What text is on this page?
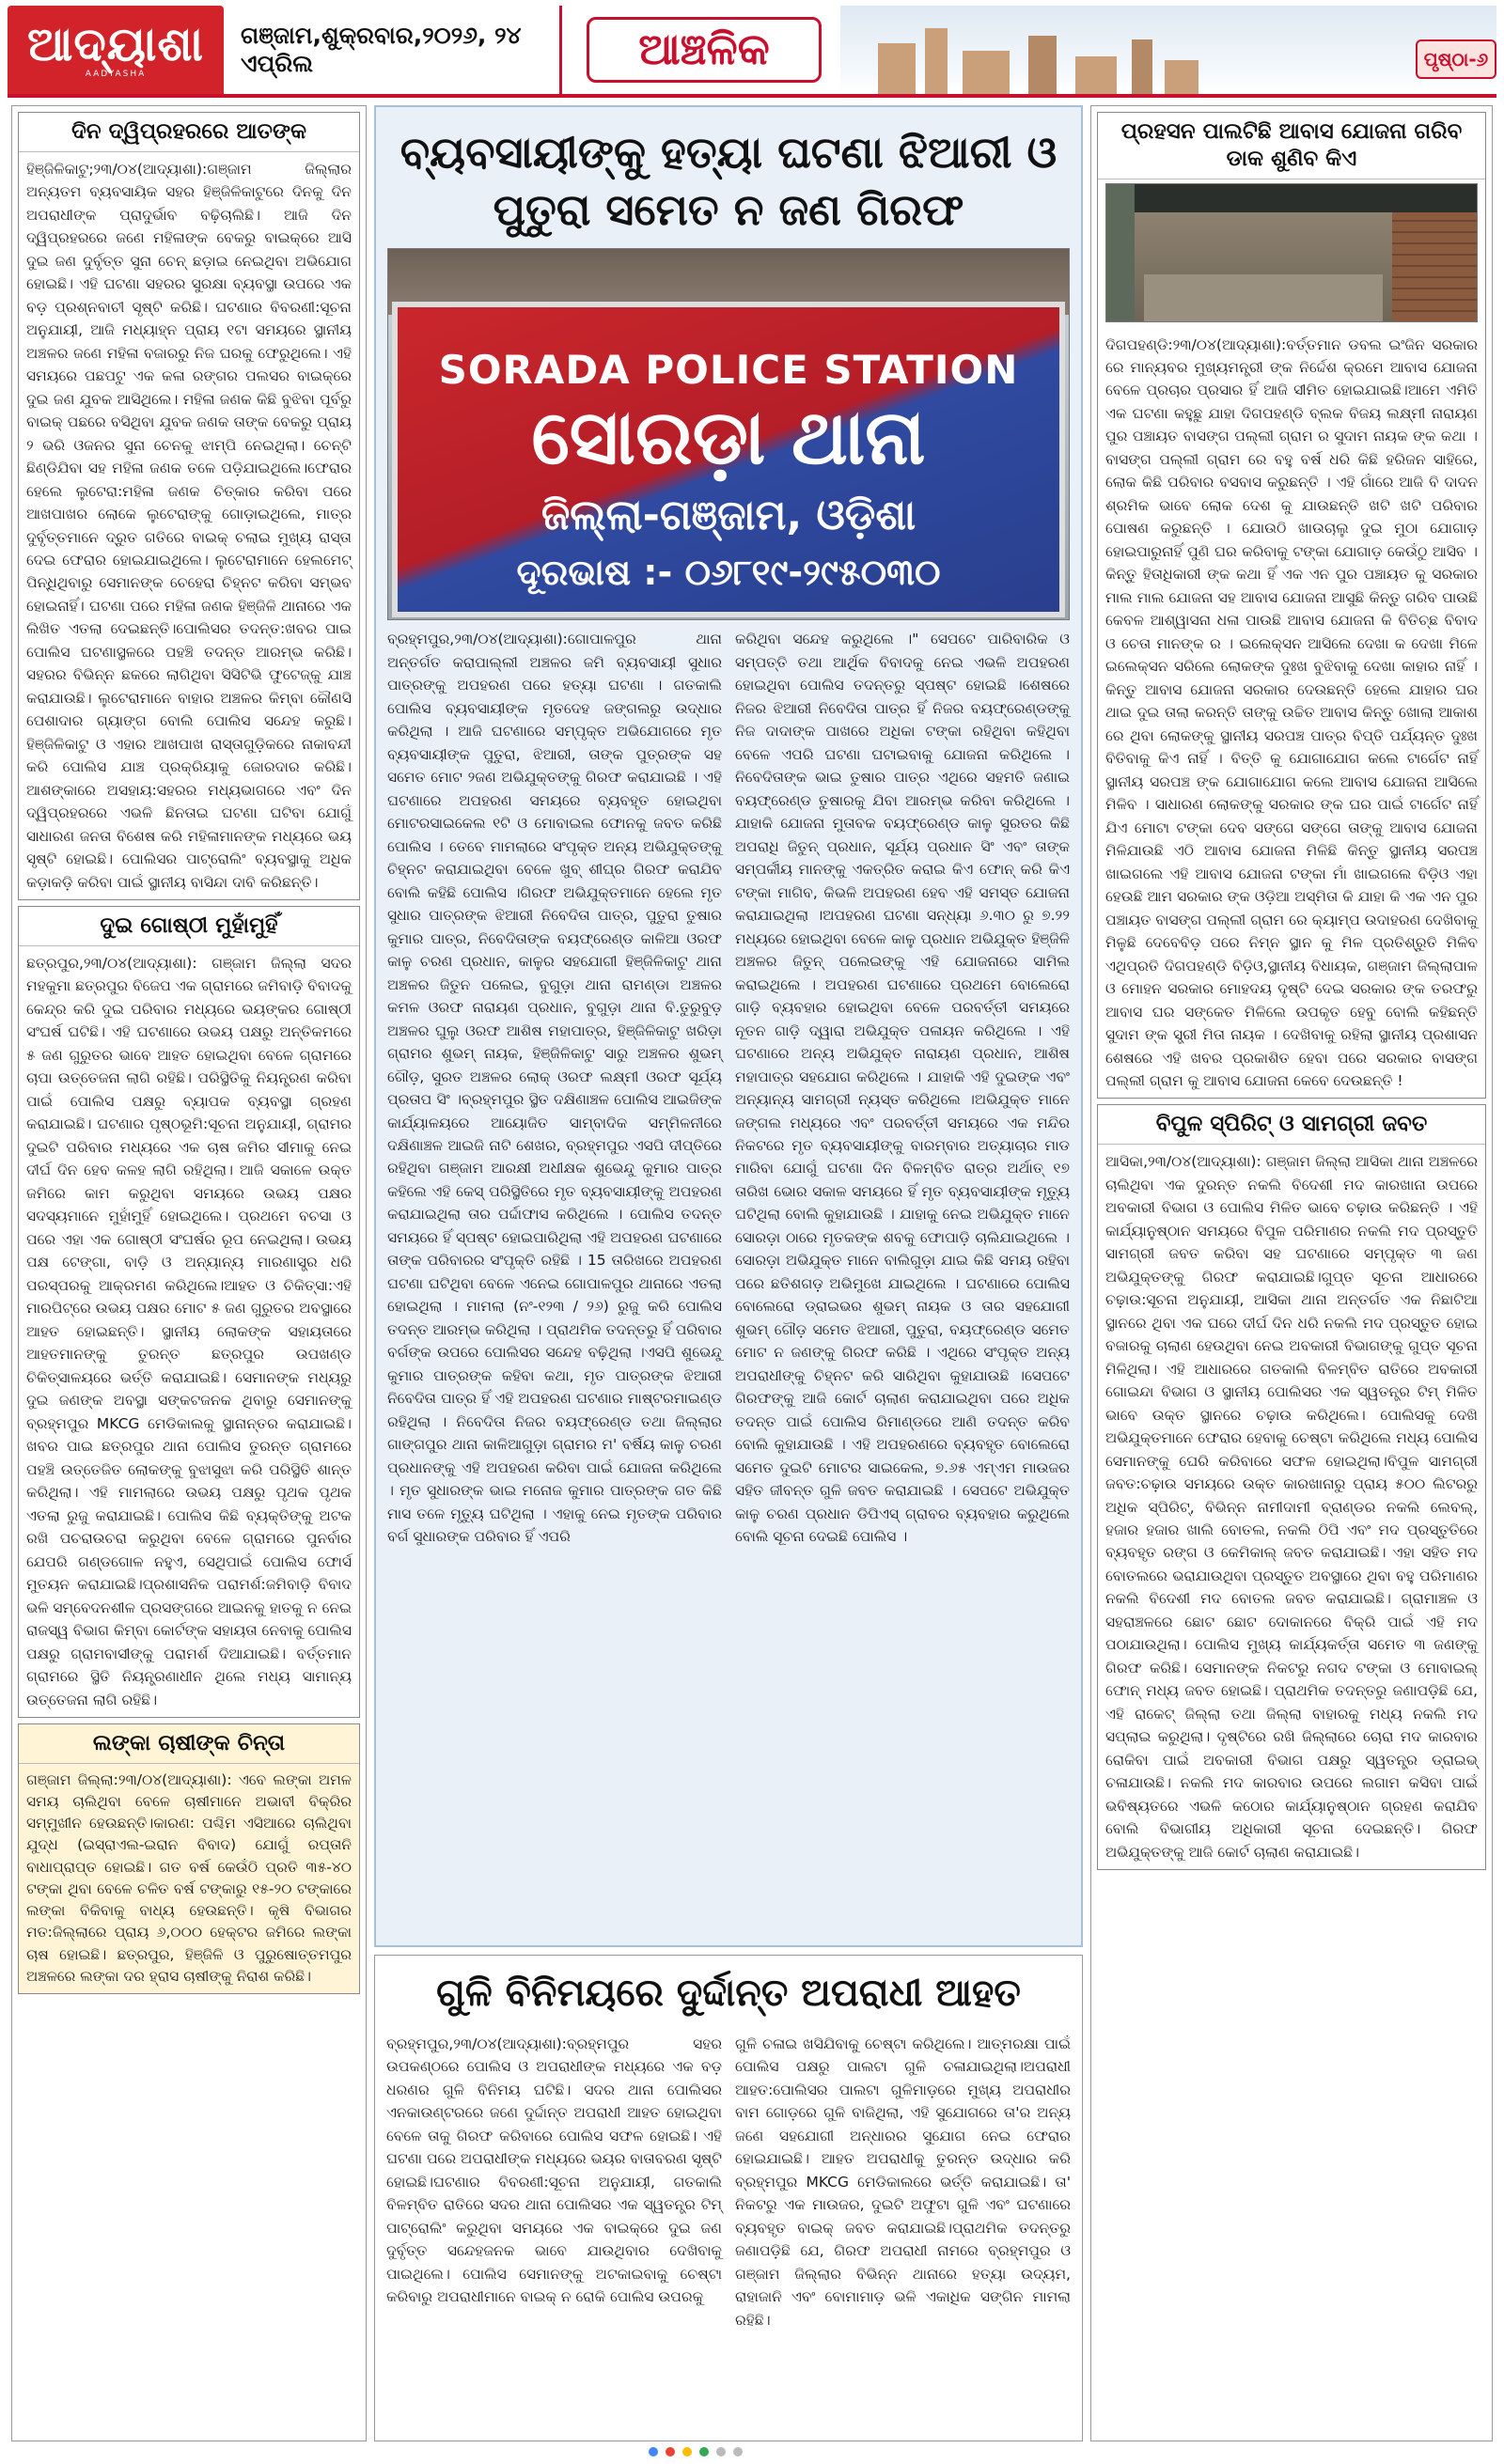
ଆଦ୍ୟାଶା
AADYASHA
ଗଞ୍ଜାମ,ଶୁକ୍ରବାର,୨୦୨୬, ୨୪ ଏପ୍ରିଲ	ଆଞ୍ଚଳିକ	ପୃଷ୍ଠା-୬
ଦିନ ଦ୍ୱିପ୍ରହରରେ ଆତଙ୍କ
ହିଞ୍ଜିଳିକାଟୁ;୨୩/୦୪(ଆଦ୍ୟାଶା):ଗଞ୍ଜାମ ଜିଲ୍ଲାର ଅନ୍ୟତମ ବ୍ୟବସାୟିକ ସହର ହିଞ୍ଜିଳିକାଟୁରେ ଦିନକୁ ଦିନ ଅପରାଧୀଙ୍କ ପ୍ରାଦୁର୍ଭାବ ବଢ଼ିଚାଲିଛି। ଆଜି ଦିନ ଦ୍ୱିପ୍ରହରରେ ଜଣେ ମହିଳାଙ୍କ ବେକରୁ ବାଇକ୍‌ରେ ଆସି ଦୁଇ ଜଣ ଦୁର୍ବୃତ୍ତ ସୁନା ଚେନ୍ ଛଡ଼ାଇ ନେଇଥିବା ଅଭିଯୋଗ ହୋଇଛି। ଏହି ଘଟଣା ସହରର ସୁରକ୍ଷା ବ୍ୟବସ୍ଥା ଉପରେ ଏକ ବଡ଼ ପ୍ରଶ୍ନବାଚୀ ସୃଷ୍ଟି କରିଛି। ଘଟଣାର ବିବରଣୀ:ସୂଚନା ଅନୁଯାୟୀ, ଆଜି ମଧ୍ୟାହ୍ନ ପ୍ରାୟ ୧ଟା ସମୟରେ ସ୍ଥାନୀୟ ଅଞ୍ଚଳର ଜଣେ ମହିଳା ବଜାରରୁ ନିଜ ଘରକୁ ଫେରୁଥିଲେ। ଏହି ସମୟରେ ପଛପଟୁ ଏକ କଳା ରଙ୍ଗର ପଲସର ବାଇକ୍‌ରେ ଦୁଇ ଜଣ ଯୁବକ ଆସିଥିଲେ। ମହିଳା ଜଣକ କିଛି ବୁଝିବା ପୂର୍ବରୁ ବାଇକ୍ ପଛରେ ବସିଥିବା ଯୁବକ ଜଣକ ତାଙ୍କ ବେକରୁ ପ୍ରାୟ ୨ ଭରି ଓଜନର ସୁନା ଚେନକୁ ଝାମ୍ପି ନେଇଥିଲା। ଚେନ୍‌ଟି ଛିଣ୍ଡିଯିବା ସହ ମହିଳା ଜଣକ ତଳେ ପଡ଼ିଯାଇଥିଲେ।ଫେରାର ହେଲେ ଲୁଟେରା:ମହିଳା ଜଣକ ଚିତ୍କାର କରିବା ପରେ ଆଖପାଖର ଲୋକେ ଲୁଟେରାଙ୍କୁ ଗୋଡ଼ାଇଥିଲେ, ମାତ୍ର ଦୁର୍ବୃତ୍ତମାନେ ଦ୍ରୁତ ଗତିରେ ବାଇକ୍ ଚଲାଇ ମୁଖ୍ୟ ରାସ୍ତା ଦେଇ ଫେରାର ହୋଇଯାଇଥିଲେ। ଲୁଟେରାମାନେ ହେଲମେଟ୍ ପିନ୍ଧିଥିବାରୁ ସେମାନଙ୍କ ଚେହେରା ଚିହ୍ନଟ କରିବା ସମ୍ଭବ ହୋଇନାହିଁ। ଘଟଣା ପରେ ମହିଳା ଜଣକ ହିଞ୍ଜିଳି ଥାନାରେ ଏକ ଲିଖିତ ଏତଲା ଦେଇଛନ୍ତି।ପୋଲିସର ତଦନ୍ତ:ଖବର ପାଇ ପୋଲିସ ଘଟଣାସ୍ଥଳରେ ପହଞ୍ଚି ତଦନ୍ତ ଆରମ୍ଭ କରିଛି। ସହରର ବିଭିନ୍ନ ଛକରେ ଲାଗିଥିବା ସିସିଟିଭି ଫୁଟେଜ୍‌କୁ ଯାଞ୍ଚ କରାଯାଉଛି। ଲୁଟେରାମାନେ ବାହାର ଅଞ୍ଚଳର କିମ୍ବା କୌଣସି ପେଶାଦାର ଗ୍ୟାଙ୍ଗ ବୋଲି ପୋଲିସ ସନ୍ଦେହ କରୁଛି। ହିଞ୍ଜିଳିକାଟୁ ଓ ଏହାର ଆଖପାଖ ରାସ୍ତାଗୁଡ଼ିକରେ ନାକାବନ୍ଦୀ କରି ପୋଲିସ ଯାଞ୍ଚ ପ୍ରକ୍ରିୟାକୁ ଜୋରଦାର କରିଛି।ଆଶଙ୍କାରେ ଅସହାୟ:ସହରର ମଧ୍ୟଭାଗରେ ଏବଂ ଦିନ ଦ୍ୱିପ୍ରହରରେ ଏଭଳି ଛିନତାଇ ଘଟଣା ଘଟିବା ଯୋଗୁଁ ସାଧାରଣ ଜନତା ବିଶେଷ କରି ମହିଳାମାନଙ୍କ ମଧ୍ୟରେ ଭୟ ସୃଷ୍ଟି ହୋଇଛି। ପୋଲିସର ପାଟ୍ରୋଲିଂ ବ୍ୟବସ୍ଥାକୁ ଅଧିକ କଡ଼ାକଡ଼ି କରିବା ପାଇଁ ସ୍ଥାନୀୟ ବାସିନ୍ଦା ଦାବି କରିଛନ୍ତି।
ଦୁଇ ଗୋଷ୍ଠୀ ମୁହାଁମୁହିଁ
ଛତ୍ରପୁର,୨୩/୦୪(ଆଦ୍ୟାଶା): ଗଞ୍ଜାମ ଜିଲ୍ଲା ସଦର ମହକୁମା ଛତ୍ରପୁର ବିଜେପ ଏକ ଗ୍ରାମରେ ଜମିବାଡ଼ି ବିବାଦକୁ କେନ୍ଦ୍ର କରି ଦୁଇ ପରିବାର ମଧ୍ୟରେ ଭୟଙ୍କର ଗୋଷ୍ଠୀ ସଂଘର୍ଷ ଘଟିଛି। ଏହି ଘଟଣାରେ ଉଭୟ ପକ୍ଷରୁ ଅନ୍ତିକମରେ ୫ ଜଣ ଗୁରୁତର ଭାବେ ଆହତ ହୋଇଥିବା ବେଳେ ଗ୍ରାମରେ ଚାପା ଉତ୍ତେଜନା ଲାଗି ରହିଛି। ପରିସ୍ଥିତିକୁ ନିୟନ୍ତ୍ରଣ କରିବା ପାଇଁ ପୋଲିସ ପକ୍ଷରୁ ବ୍ୟାପକ ବ୍ୟବସ୍ଥା ଗ୍ରହଣ କରାଯାଇଛି। ଘଟଣାର ପୃଷ୍ଠଭୂମି:ସୂଚନା ଅନୁଯାୟୀ, ଗ୍ରାମର ଦୁଇଟି ପରିବାର ମଧ୍ୟରେ ଏକ ଚାଷ ଜମିର ସୀମାକୁ ନେଇ ଦୀର୍ଘ ଦିନ ହେବ କଳହ ଲାଗି ରହିଥିଲା। ଆଜି ସକାଳେ ଉକ୍ତ ଜମିରେ କାମ କରୁଥିବା ସମୟରେ ଉଭୟ ପକ୍ଷର ସଦସ୍ୟମାନେ ମୁହାଁମୁହିଁ ହୋଇଥିଲେ। ପ୍ରଥମେ ବଚସା ଓ ପରେ ଏହା ଏକ ଗୋଷ୍ଠୀ ସଂଘର୍ଷର ରୂପ ନେଇଥିଲା। ଉଭୟ ପକ୍ଷ ଟେଙ୍ଗା, ବାଡ଼ି ଓ ଅନ୍ୟାନ୍ୟ ମାରଣାସ୍ତ୍ର ଧରି ପରସ୍ପରକୁ ଆକ୍ରମଣ କରିଥିଲେ।ଆହତ ଓ ଚିକିତ୍ସା:ଏହି ମାରପିଟ୍‌ରେ ଉଭୟ ପକ୍ଷର ମୋଟ ୫ ଜଣ ଗୁରୁତର ଅବସ୍ଥାରେ ଆହତ ହୋଇଛନ୍ତି। ସ୍ଥାନୀୟ ଲୋକଙ୍କ ସହାୟତାରେ ଆହତମାନଙ୍କୁ ତୁରନ୍ତ ଛତ୍ରପୁର ଉପଖଣ୍ଡ ଚିକିତ୍ସାଳୟରେ ଭର୍ତ୍ତି କରାଯାଇଛି। ସେମାନଙ୍କ ମଧ୍ୟରୁ ଦୁଇ ଜଣଙ୍କ ଅବସ୍ଥା ସଙ୍କଟଜନକ ଥିବାରୁ ସେମାନଙ୍କୁ ବ୍ରହ୍ମପୁର MKCG ମେଡିକାଲକୁ ସ୍ଥାନାନ୍ତର କରାଯାଇଛି।ଖବର ପାଇ ଛତ୍ରପୁର ଥାନା ପୋଲିସ ତୁରନ୍ତ ଗ୍ରାମରେ ପହଞ୍ଚି ଉତ୍ତେଜିତ ଲୋକଙ୍କୁ ବୁଝାସୁଝା କରି ପରିସ୍ଥିତି ଶାନ୍ତ କରିଥିଲା। ଏହି ମାମଲାରେ ଉଭୟ ପକ୍ଷରୁ ପୃଥକ ପୃଥକ ଏତଲା ରୁଜୁ କରାଯାଇଛି। ପୋଲିସ କିଛି ବ୍ୟକ୍ତିଙ୍କୁ ଅଟକ ରଖି ପଚରାଉଚରା କରୁଥିବା ବେଳେ ଗ୍ରାମରେ ପୁନର୍ବାର ଯେପରି ଗଣ୍ଡଗୋଳ ନହୁଏ, ସେଥିପାଇଁ ପୋଲିସ ଫୋର୍ସ ମୁତୟନ କରାଯାଇଛି।ପ୍ରଶାସନିକ ପରାମର୍ଶ:ଜମିବାଡ଼ି ବିବାଦ ଭଳି ସମ୍ବେଦନଶୀଳ ପ୍ରସଙ୍ଗରେ ଆଇନକୁ ହାତକୁ ନ ନେଇ ରାଜସ୍ୱ ବିଭାଗ କିମ୍ବା କୋର୍ଟଙ୍କ ସହାୟତା ନେବାକୁ ପୋଲିସ ପକ୍ଷରୁ ଗ୍ରାମବାସୀଙ୍କୁ ପରାମର୍ଶ ଦିଆଯାଇଛି। ବର୍ତ୍ତମାନ ଗ୍ରାମରେ ସ୍ଥିତି ନିୟନ୍ତ୍ରଣାଧୀନ ଥିଲେ ମଧ୍ୟ ସାମାନ୍ୟ ଉତ୍ତେଜନା ଲାଗି ରହିଛି।
ଲଙ୍କା ଚାଷୀଙ୍କ ଚିନ୍ତା
ଗଞ୍ଜାମ ଜିଲ୍ଲା:୨୩/୦୪(ଆଦ୍ୟାଶା): ଏବେ ଲଙ୍କା ଅମଳ ସମୟ ଚାଲିଥିବା ବେଳେ ଚାଷୀମାନେ ଅଭାବୀ ବିକ୍ରିର ସମ୍ମୁଖୀନ ହେଉଛନ୍ତି।କାରଣ: ପଶ୍ଚିମ ଏସିଆରେ ଚାଲିଥିବା ଯୁଦ୍ଧ (ଇସ୍ରାଏଲ-ଇରାନ ବିବାଦ) ଯୋଗୁଁ ରପ୍ତାନି ବାଧାପ୍ରାପ୍ତ ହୋଇଛି। ଗତ ବର୍ଷ କେଉଁଠି ପ୍ରତି ୩୫-୪୦ ଟଙ୍କା ଥିବା ବେଳେ ଚଳିତ ବର୍ଷ ଟଙ୍କାରୁ ୧୫-୨୦ ଟଙ୍କାରେ ଲଙ୍କା ବିକିବାକୁ ବାଧ୍ୟ ହେଉଛନ୍ତି। କୃଷି ବିଭାଗର ମତ:ଜିଲ୍ଲାରେ ପ୍ରାୟ ୬,୦୦୦ ହେକ୍ଟର ଜମିରେ ଲଙ୍କା ଚାଷ ହୋଇଛି। ଛତ୍ରପୁର, ହିଞ୍ଜିଳି ଓ ପୁରୁଷୋତ୍ତମପୁର ଅଞ୍ଚଳରେ ଲଙ୍କା ଦର ହ୍ରାସ ଚାଷୀଙ୍କୁ ନିରାଶ କରିଛି।
ବ୍ୟବସାୟୀଙ୍କୁ ହତ୍ୟା ଘଟଣା ଝିଆରୀ ଓ ପୁତୁରା ସମେତ ନ ଜଣ ଗିରଫ
SORADA POLICE STATION
ସୋରଡ଼ା ଥାନା
ଜିଲ୍ଲା-ଗଞ୍ଜାମ, ଓଡ଼ିଶା
ଦୂରଭାଷ :- ୦୬୮୧୯-୨୯୫୦୩୦
ବ୍ରହ୍ମପୁର,୨୩/୦୪(ଆଦ୍ୟାଶା):ଗୋପାଳପୁର ଥାନା ଅନ୍ତର୍ଗତ କରାପାଲ୍ଲୀ ଅଞ୍ଚଳର ଜମି ବ୍ୟବସାୟୀ ସୁଧାର ପାତ୍ରଙ୍କୁ ଅପହରଣ ପରେ ହତ୍ୟା ଘଟଣା । ଗତକାଲି ପୋଲିସ ବ୍ୟବସାୟୀଙ୍କ ମୃତଦେହ ଜଙ୍ଗଲରୁ ଉଦ୍ଧାର କରିଥିଲା । ଆଜି ଘଟଣାରେ ସମ୍ପୃକ୍ତ ଅଭିଯୋଗରେ ମୃତ ବ୍ୟବସାୟୀଙ୍କ ପୁତୁରା, ଝିଆରୀ, ତାଙ୍କ ପୁତ୍ରଙ୍କ ସହ ସମେତ ମୋଟ ୨ଜଣ ଅଭିଯୁକ୍ତଙ୍କୁ ଗିରଫ କରାଯାଇଛି । ଏହି ଘଟଣାରେ ଅପହରଣ ସମୟରେ ବ୍ୟବହୃତ ହୋଇଥିବା ମୋଟରସାଇକେଲ ୧ଟି ଓ ମୋବାଇଲ ଫୋନକୁ ଜବତ କରିଛି ପୋଲିସ । ତେବେ ମାମଲାରେ ସଂପୃକ୍ତ ଅନ୍ୟ ଅଭିଯୁକ୍ତଙ୍କୁ ଚିହ୍ନଟ କରାଯାଇଥିବା ବେଳେ ଖୁବ୍ ଶୀଘ୍ର ଗିରଫ କରାଯିବ ବୋଲି କହିଛି ପୋଲିସ ।ଗିରଫ ଅଭିଯୁକ୍ତମାନେ ହେଲେ ମୃତ ସୁଧାର ପାତ୍ରଙ୍କ ଝିଆରୀ ନିବେଦିତା ପାତ୍ର, ପୁତୁରା ତୁଷାର କୁମାର ପାତ୍ର, ନିବେଦିତାଙ୍କ ବୟଫ୍ରେଣ୍ଡ କାଳିଆ ଓରଫ କାଳୁ ଚରଣ ପ୍ରଧାନ, କାଳୁର ସହଯୋଗୀ ହିଞ୍ଜିଳିକାଟୁ ଥାନା ଅଞ୍ଚଳର ଜିତୁନ ପଲେଇ, ବୁଗୁଡ଼ା ଥାନା ରାମଣ୍ଡା ଅଞ୍ଚଳର କମଳ ଓରଫ ନାରାୟଣ ପ୍ରଧାନ, ବୁଗୁଡ଼ା ଥାନା ବି.ତୁରୁବୁଡ଼ ଅଞ୍ଚଳର ଘୁଲୁ ଓରଫ ଆଶିଷ ମହାପାତ୍ର, ହିଞ୍ଜିଳିକାଟୁ ଖରିଡ଼ା ଗ୍ରାମର ଶୁଭମ୍ ନାୟକ, ହିଞ୍ଜିଳିକାଟୁ ସାରୁ ଅଞ୍ଚଳର ଶୁଭମ୍ ଗୌଡ଼, ସୁରତ ଅଞ୍ଚଳର ଲୋକ୍ ଓରଫ ଲକ୍ଷ୍ମୀ ଓରଫ ସୂର୍ଯ୍ୟ ପ୍ରତାପ ସିଂ ।ବ୍ରହ୍ମପୁର ସ୍ଥିତ ଦକ୍ଷିଣାଞ୍ଚଳ ପୋଲିସ ଆଇଜିଙ୍କ କାର୍ଯ୍ୟାଳୟରେ ଆୟୋଜିତ ସାମ୍ବାଦିକ ସମ୍ମିଳନୀରେ ଦକ୍ଷିଣାଞ୍ଚଳ ଆଇଜି ନାଟି ଶେଖର, ବ୍ରହ୍ମପୁର ଏସପି ଦୀପ୍ତିରେ ରହିଥିବା ଗଞ୍ଜାମ ଆରକ୍ଷୀ ଅଧୀକ୍ଷକ ଶୁଭେନ୍ଦୁ କୁମାର ପାତ୍ର କହିଲେ ଏହି କେସ୍ ପରିସ୍ଥିତିରେ ମୃତ ବ୍ୟବସାୟୀଙ୍କୁ ଅପହରଣ କରାଯାଇଥିଲା ତାର ପର୍ଦ୍ଦାଫାସ କରିଥିଲେ । ପୋଲିସ ତଦନ୍ତ ସମୟରେ ହିଁ ସ୍ପଷ୍ଟ ହୋଇପାରିଥିଲା ଏହି ଅପହରଣ ଘଟଣାରେ ତାଙ୍କ ପରିବାରର ସଂପୃକ୍ତି ରହିଛି । 15 ତାରିଖରେ ଅପହରଣ ଘଟଣା ଘଟିଥିବା ବେଳେ ଏନେଇ ଗୋପାଳପୁର ଥାନାରେ ଏତଲା ହୋଇଥିଲା । ମାମଲା (ନଂ-୧୨୩ / ୨୬) ରୁଜୁ କରି ପୋଲିସ ତଦନ୍ତ ଆରମ୍ଭ କରିଥିଲା । ପ୍ରାଥମିକ ତଦନ୍ତରୁ ହିଁ ପରିବାର ବର୍ଗଙ୍କ ଉପରେ ପୋଲିସର ସନ୍ଦେହ ବଢ଼ିଥିଲା ।ଏସପି ଶୁଭେନ୍ଦୁ କୁମାର ପାତ୍ରଙ୍କ କହିବା କଥା, ମୃତ ପାତ୍ରଙ୍କ ଝିଆରୀ ନିବେଦିତା ପାତ୍ର ହିଁ ଏହି ଅପହରଣ ଘଟଣାର ମାଷ୍ଟରମାଇଣ୍ଡ ରହିଥିଲା । ନିବେଦିତା ନିଜର ବୟଫ୍ରେଣ୍ଡ ତଥା ଜିଲ୍ଲାର ଗାଙ୍ଗପୁର ଥାନା କାଳିଆଗୁଡ଼ା ଗ୍ରାମର ମ' ବର୍ଷିୟ କାଳୁ ଚରଣ ପ୍ରଧାନଙ୍କୁ ଏହି ଅପହରଣ କରିବା ପାଇଁ ଯୋଜନା କରିଥିଲେ । ମୃତ ସୁଧାରଙ୍କ ଭାଇ ମନୋଜ କୁମାର ପାତ୍ରଙ୍କ ଗତ କିଛି ମାସ ତଳେ ମୃତ୍ୟୁ ଘଟିଥିଲା । ଏହାକୁ ନେଇ ମୃତଙ୍କ ପରିବାର ବର୍ଗ ସୁଧାରଙ୍କ ପରିବାର ହିଁ ଏପରି
କରିଥିବା ସନ୍ଦେହ କରୁଥିଲେ ।" ସେପଟେ ପାରିବାରିକ ଓ ସମ୍ପତ୍ତି ତଥା ଆର୍ଥିକ ବିବାଦକୁ ନେଇ ଏଭଳି ଅପହରଣ ହୋଇଥିବା ପୋଲିସ ତଦନ୍ତରୁ ସ୍ପଷ୍ଟ ହୋଇଛି ।ଶେଷରେ ନିଜର ଝିଆରୀ ନିବେଦିତା ପାତ୍ର ହିଁ ନିଜର ବୟଫ୍ରେଣ୍ଡଙ୍କୁ ନିଜ ଦାଦାଙ୍କ ପାଖରେ ଅଧିକା ଟଙ୍କା ରହିଥିବା କହିଥିବା ବେଳେ ଏପରି ଘଟଣା ଘଟାଇବାକୁ ଯୋଜନା କରିଥିଲେ । ନିବେଦିତାଙ୍କ ଭାଇ ତୁଷାର ପାତ୍ର ଏଥିରେ ସହମତି ଜଣାଇ ବୟଫ୍ରେଣ୍ଡ ତୁଷାରକୁ ଯିବା ଆରମ୍ଭ କରିବା କରିଥିଲେ । ଯାହାକି ଯୋଜନା ମୁତାବକ ବୟଫ୍ରେଣ୍ଡ କାଳୁ ସୁରତର କିଛି ଅପରାଧି ଜିତୁନ୍ ପ୍ରଧାନ, ସୂର୍ଯ୍ୟ ପ୍ରଧାନ ସିଂ ଏବଂ ତାଙ୍କ ସମ୍ପର୍କୀୟ ମାନଙ୍କୁ ଏକତ୍ରିତ କରାଇ କିଏ ଫୋନ୍ କରି କିଏ ଟଙ୍କା ମାଗିବ, କିଭଳି ଅପହରଣ ହେବ ଏହି ସମସ୍ତ ଯୋଜନା କରାଯାଇଥିଲା ।ଅପହରଣ ଘଟଣା ସନ୍ଧ୍ୟା ୬.୩୦ ରୁ ୭.୨୨ ମଧ୍ୟରେ ହୋଇଥିବା ବେଳେ କାଳୁ ପ୍ରଧାନ ଅଭିଯୁକ୍ତ ହିଞ୍ଜିଳି ଅଞ୍ଚଳର ଜିତୁନ୍ ପଲେଇଙ୍କୁ ଏହି ଯୋଜନାରେ ସାମିଲ କରାଇଥିଲେ । ଅପହରଣ ଘଟଣାରେ ପ୍ରଥମେ ବୋଲେରୋ ଗାଡ଼ି ବ୍ୟବହାର ହୋଇଥିବା ବେଳେ ପରବର୍ତ୍ତୀ ସମୟରେ ନୂତନ ଗାଡ଼ି ଦ୍ୱାରା ଅଭିଯୁକ୍ତ ପଳାୟନ କରିଥିଲେ । ଏହି ଘଟଣାରେ ଅନ୍ୟ ଅଭିଯୁକ୍ତ ନାରାୟଣ ପ୍ରଧାନ, ଆଶିଷ ମହାପାତ୍ର ସହଯୋଗ କରିଥିଲେ । ଯାହାକି ଏହି ଦୁଇଙ୍କ ଏବଂ ଅନ୍ୟାନ୍ୟ ସାମଗ୍ରୀ ନ୍ୟସ୍ତ କରିଥିଲେ ।ଅଭିଯୁକ୍ତ ମାନେ ଜଙ୍ଗଲ ମଧ୍ୟରେ ଏବଂ ପରବର୍ତ୍ତୀ ସମୟରେ ଏକ ମନ୍ଦିର ନିକଟରେ ମୃତ ବ୍ୟବସାୟୀଙ୍କୁ ବାରମ୍ବାର ଅତ୍ୟାଚାର ମାଡ ମାରିବା ଯୋଗୁଁ ଘଟଣା ଦିନ ବିଳମ୍ବିତ ରାତ୍ର ଅର୍ଥାତ୍ ୧୭ ତାରିଖ ଭୋର ସକାଳ ସମୟରେ ହିଁ ମୃତ ବ୍ୟବସାୟୀଙ୍କ ମୃତ୍ୟୁ ଘଟିଥିଲା ବୋଲି କୁହାଯାଉଛି । ଯାହାକୁ ନେଇ ଅଭିଯୁକ୍ତ ମାନେ ସୋରଡ଼ା ଠାରେ ମୃତକଙ୍କ ଶବକୁ ଫୋପାଡ଼ି ଚାଲିଯାଇଥିଲେ । ସୋରଡ଼ା ଅଭିଯୁକ୍ତ ମାନେ ବାଲିଗୁଡ଼ା ଯାଇ କିଛି ସମୟ ରହିବା ପରେ ଛତିଶଗଡ଼ ଅଭିମୁଖେ ଯାଇଥିଲେ । ଘଟଣାରେ ପୋଲିସ ବୋଲେରୋ ଡ୍ରାଇଭର ଶୁଭମ୍ ନାୟକ ଓ ତାର ସହଯୋଗୀ ଶୁଭମ୍ ଗୌଡ଼ ସମେତ ଝିଆରୀ, ପୁତୁରା, ବୟଫ୍ରେଣ୍ଡ ସମେତ ମୋଟ ନ ଜଣଙ୍କୁ ଗିରଫ କରିଛି । ଏଥିରେ ସଂପୃକ୍ତ ଅନ୍ୟ ଅପରାଧୀଙ୍କୁ ଚିହ୍ନଟ କରି ସାରିଥିବା କୁହାଯାଉଛି ।ସେପଟେ ଗିରଫଙ୍କୁ ଆଜି କୋର୍ଟ ଚାଲାଣ କରାଯାଇଥିବା ପରେ ଅଧିକ ତଦନ୍ତ ପାଇଁ ପୋଲିସ ରିମାଣ୍ଡରେ ଆଣି ତଦନ୍ତ କରିବ ବୋଲି କୁହାଯାଉଛି । ଏହି ଅପହରଣରେ ବ୍ୟବହୃତ ବୋଲେରୋ ସମେତ ଦୁଇଟି ମୋଟର ସାଇକେଲ, ୭.୬୫ ଏମ୍‌ଏମ ମାଉଜର ସହିତ ଜୀବନ୍ତ ଗୁଳି ଜବତ କରାଯାଇଛି । ସେପଟେ ଅଭିଯୁକ୍ତ କାଳୁ ଚରଣ ପ୍ରଧାନ ଡିପିଏସ୍ ଗ୍ରାବର ବ୍ୟବହାର କରୁଥିଲେ ବୋଲି ସୂଚନା ଦେଇଛି ପୋଲିସ ।
ଗୁଳି ବିନିମୟରେ ଦୁର୍ଦ୍ଦାନ୍ତ ଅପରାଧୀ ଆହତ
ବ୍ରହ୍ମପୁର,୨୩/୦୪(ଆଦ୍ୟାଶା):ବ୍ରହ୍ମପୁର ସହର ଉପକଣ୍ଠରେ ପୋଲିସ ଓ ଅପରାଧୀଙ୍କ ମଧ୍ୟରେ ଏକ ବଡ଼ ଧରଣର ଗୁଳି ବିନିମୟ ଘଟିଛି। ସଦର ଥାନା ପୋଲିସର ଏନକାଉଣ୍ଟରରେ ଜଣେ ଦୁର୍ଦ୍ଦାନ୍ତ ଅପରାଧୀ ଆହତ ହୋଇଥିବା ବେଳେ ତାକୁ ଗିରଫ କରିବାରେ ପୋଲିସ ସଫଳ ହୋଇଛି। ଏହି ଘଟଣା ପରେ ଅପରାଧୀଙ୍କ ମଧ୍ୟରେ ଭୟର ବାତାବରଣ ସୃଷ୍ଟି ହୋଇଛି।ଘଟଣାର ବିବରଣୀ:ସୂଚନା ଅନୁଯାୟୀ, ଗତକାଲି ବିଳମ୍ବିତ ରାତିରେ ସଦର ଥାନା ପୋଲିସର ଏକ ସ୍ୱତନ୍ତ୍ର ଟିମ୍ ପାଟ୍ରୋଲିଂ କରୁଥିବା ସମୟରେ ଏକ ବାଇକ୍‌ରେ ଦୁଇ ଜଣ ଦୁର୍ବୃତ୍ତ ସନ୍ଦେହଜନକ ଭାବେ ଯାଉଥିବାର ଦେଖିବାକୁ ପାଇଥିଲେ। ପୋଲିସ ସେମାନଙ୍କୁ ଅଟକାଇବାକୁ ଚେଷ୍ଟା କରିବାରୁ ଅପରାଧୀମାନେ ବାଇକ୍ ନ ରୋକି ପୋଲିସ ଉପରକୁ
ଗୁଳି ଚଳାଇ ଖସିଯିବାକୁ ଚେଷ୍ଟା କରିଥିଲେ। ଆତ୍ମରକ୍ଷା ପାଇଁ ପୋଲିସ ପକ୍ଷରୁ ପାଲଟା ଗୁଳି ଚଳାଯାଇଥିଲା।ଅପରାଧୀ ଆହତ:ପୋଲିସର ପାଲଟା ଗୁଳିମାଡ଼ରେ ମୁଖ୍ୟ ଅପରାଧୀର ବାମ ଗୋଡ଼ରେ ଗୁଳି ବାଜିଥିଲା, ଏହି ସୁଯୋଗରେ ତା'ର ଅନ୍ୟ ଜଣେ ସହଯୋଗୀ ଅନ୍ଧାରର ସୁଯୋଗ ନେଇ ଫେରାର ହୋଇଯାଇଛି। ଆହତ ଅପରାଧୀକୁ ତୁରନ୍ତ ଉଦ୍ଧାର କରି ବ୍ରହ୍ମପୁର MKCG ମେଡିକାଲରେ ଭର୍ତ୍ତି କରାଯାଇଛି। ତା' ନିକଟରୁ ଏକ ମାଉଜର, ଦୁଇଟି ଅଫୁଟା ଗୁଳି ଏବଂ ଘଟଣାରେ ବ୍ୟବହୃତ ବାଇକ୍ ଜବତ କରାଯାଇଛି।ପ୍ରାଥମିକ ତଦନ୍ତରୁ ଜଣାପଡ଼ିଛି ଯେ, ଗିରଫ ଅପରାଧୀ ନାମରେ ବ୍ରହ୍ମପୁର ଓ ଗଞ୍ଜାମ ଜିଲ୍ଲାର ବିଭିନ୍ନ ଥାନାରେ ହତ୍ୟା ଉଦ୍ୟମ, ରାହାଜାନି ଏବଂ ବୋମାମାଡ଼ ଭଳି ଏକାଧିକ ସଙ୍ଗିନ ମାମଲା ରହିଛି।
ପ୍ରହସନ ପାଲଟିଛି ଆବାସ ଯୋଜନା ଗରିବ ଡାକ ଶୁଣିବ କିଏ
ଦିଗପହଣ୍ଡି:୨୩/୦୪(ଆଦ୍ୟାଶା):ବର୍ତ୍ତମାନ ଡବଲ ଇଂଜିନ ସରକାର ରେ ମାନ୍ୟବର ମୁଖ୍ୟମନ୍ତ୍ରୀ ଙ୍କ ନିର୍ଦ୍ଦେଶ କ୍ରମେ ଆବାସ ଯୋଜନା ବେଳେ ପ୍ରଚାର ପ୍ରସାର ହିଁ ଆଜି ସୀମିତ ହୋଇଯାଇଛି।ଆମେ ଏମିତି ଏକ ଘଟଣା କହୁଛୁ ଯାହା ଦିଗପହଣ୍ଡି ବ୍ଲକ ବିଜୟ ଲକ୍ଷ୍ମୀ ନାରାୟଣ ପୁର ପଞ୍ଚାୟତ ବାସଙ୍ଗ ପଲ୍ଲୀ ଗ୍ରାମ ର ସୁଦାମ ନାୟକ ଙ୍କ କଥା । ବାସଙ୍ଗ ପଲ୍ଲୀ ଗ୍ରାମ ରେ ବହୁ ବର୍ଷ ଧରି କିଛି ହରିଜନ ସାହିରେ, ଲୋକ କିଛି ପରିବାର ବସବାସ କରୁଛନ୍ତି । ଏହି ଗାଁରେ ଆଜି ବି ଦାଦନ ଶ୍ରମିକ ଭାବେ ଲୋକ ଦେଶ କୁ ଯାଉଛନ୍ତି ଖଟି ଖଟି ପରିବାର ପୋଷଣ କରୁଛନ୍ତି । ଯୋଉଠି ଖାଉଚାଲୁ ଦୁଇ ମୁଠା ଯୋଗାଡ଼ ହୋଇପାରୁନାହିଁ ପୁଣି ଘର କରିବାକୁ ଟଙ୍କା ଯୋଗାଡ଼ କେଉଁଠୁ ଆସିବ । କିନ୍ତୁ ହିତାଧିକାରୀ ଙ୍କ କଥା ହିଁ ଏକ ଏନ ପୁର ପଞ୍ଚାୟତ କୁ ସରକାର ମାଲ ମାଲ ଯୋଜନା ସହ ଆବାସ ଯୋଜନା ଆସୁଛି କିନ୍ତୁ ଗରିବ ପାଉଛି କେବଳ ଆଶ୍ୱାସନା ଧଳା ପାଉଛି ଆବାସ ଯୋଜନା କି ବିତିଚ୍ଛ ବିବାଦ ଓ ଚେତା ମାନଙ୍କ ର । ଇଲେକ୍ସନ ଆସିଲେ ଦେଖା କ ଦେଖା ମିଳେ ଇଲେକ୍ସନ ସରିଲେ ଲୋକଙ୍କ ଦୁଃଖ ବୁଝିବାକୁ ଦେଖା କାହାର ନାହିଁ । କିନ୍ତୁ ଆବାସ ଯୋଜନା ସରକାର ଦେଉଛନ୍ତି ହେଲେ ଯାହାର ଘର ଥାଇ ଦୁଇ ତାଲା କରନ୍ତି ତାଙ୍କୁ ଉଚ୍ଚିତ ଆବାସ କିନ୍ତୁ ଖୋଲା ଆକାଶ ରେ ଥିବା ଲୋକଙ୍କୁ ସ୍ଥାନୀୟ ସରପଞ୍ଚ ପାତ୍ର ବିପ୍ତି ପର୍ଯ୍ୟନ୍ତ ଦୁଃଖ ବିତିବାକୁ କିଏ ନାହିଁ । ବିତ୍ତି କୁ ଯୋଗାଯୋଗ କଲେ ଟାର୍ଗେଟ ନାହିଁ ସ୍ଥାନୀୟ ସରପଞ୍ଚ ଙ୍କ ଯୋଗାଯୋଗ କଲେ ଆବାସ ଯୋଜନା ଆସିଲେ ମିଳିବ । ସାଧାରଣ ଲୋକଙ୍କୁ ସରକାର ଙ୍କ ଘର ପାଇଁ ଟାର୍ଗେଟ ନାହିଁ ଯିଏ ମୋଟା ଟଙ୍କା ଦେବ ସଙ୍ଗେ ସଙ୍ଗେ ତାଙ୍କୁ ଆବାସ ଯୋଜନା ମିଳିଯାଉଛି ଏଠି ଆବାସ ଯୋଜନା ମିଳିଛି କିନ୍ତୁ ସ୍ଥାନୀୟ ସରପଞ୍ଚ ଖାଇଗଲେ ଏହି ଆବାସ ଯୋଜନା ଟଙ୍କା ମାଁ ଖାଇଗଲେ ବିଡ଼ିଓ ଏହା ହେଉଛି ଆମ ସରକାର ଙ୍କ ଓଡ଼ିଆ ଅସ୍ମିତା କି ଯାହା କି ଏକ ଏନ ପୁର ପଞ୍ଚାୟତ ବାସଙ୍ଗ ପଲ୍ଲୀ ଗ୍ରାମ ରେ କ୍ୟାମ୍ପ ଉଦାହରଣ ଦେଖିବାକୁ ମିଳୁଛି ଦେବେବିଡ଼ ପରେ ନିମ୍ନ ସ୍ଥାନ କୁ ମିଳ ପ୍ରତିଶ୍ରୁତି ମିଳିବ ଏଥିପ୍ରତି ଦିଗପହଣ୍ଡି ବିଡ଼ିଓ,ସ୍ଥାନୀୟ ବିଧାୟକ, ଗଞ୍ଜାମ ଜିଲ୍ଲାପାଳ ଓ ମୋହନ ସରକାର ମୋହଦୟ ଦୃଷ୍ଟି ଦେଇ ସରକାର ଙ୍କ ତରଫରୁ ଆବାସ ଘର ସଙ୍କେତ ମିଳିଲେ ଉପକୃତ ହେବୁ ବୋଲି କହିଛନ୍ତି ସୁଦାମ ଙ୍କ ସ୍ତ୍ରୀ ମିତା ନାୟକ । ଦେଖିବାକୁ ରହିଲା ସ୍ଥାନୀୟ ପ୍ରଶାସନ ଶେଷରେ ଏହି ଖବର ପ୍ରକାଶିତ ହେବା ପରେ ସରକାର ବାସଙ୍ଗ ପଲ୍ଲୀ ଗ୍ରାମ କୁ ଆବାସ ଯୋଜନା କେବେ ଦେଉଛନ୍ତି !
ବିପୁଳ ସ୍ପିରିଟ୍ ଓ ସାମଗ୍ରୀ ଜବତ
ଆସିକା,୨୩/୦୪(ଆଦ୍ୟାଶା): ଗଞ୍ଜାମ ଜିଲ୍ଲା ଆସିକା ଥାନା ଅଞ୍ଚଳରେ ଚାଲିଥିବା ଏକ ଦୁରନ୍ତ ନକଲି ବିଦେଶୀ ମଦ କାରଖାନା ଉପରେ ଅବକାରୀ ବିଭାଗ ଓ ପୋଲିସ ମିଳିତ ଭାବେ ଚଢ଼ାଉ କରିଛନ୍ତି । ଏହି କାର୍ଯ୍ୟାନୁଷ୍ଠାନ ସମୟରେ ବିପୁଳ ପରିମାଣର ନକଲି ମଦ ପ୍ରସ୍ତୁତି ସାମଗ୍ରୀ ଜବତ କରିବା ସହ ଘଟଣାରେ ସମ୍ପୃକ୍ତ ୩ ଜଣ ଅଭିଯୁକ୍ତଙ୍କୁ ଗିରଫ କରାଯାଇଛି।ଗୁପ୍ତ ସୂଚନା ଆଧାରରେ ଚଢ଼ାଉ:ସୂଚନା ଅନୁଯାୟୀ, ଆସିକା ଥାନା ଅନ୍ତର୍ଗତ ଏକ ନିଛାଟିଆ ସ୍ଥାନରେ ଥିବା ଏକ ଘରେ ଦୀର୍ଘ ଦିନ ଧରି ନକଲି ମଦ ପ୍ରସ୍ତୁତ ହୋଇ ବଜାରକୁ ଚାଲାଣ ହେଉଥିବା ନେଇ ଅବକାରୀ ବିଭାଗଙ୍କୁ ଗୁପ୍ତ ସୂଚନା ମିଳିଥିଲା। ଏହି ଆଧାରରେ ଗତକାଲି ବିଳମ୍ବିତ ରାତିରେ ଅବକାରୀ ଗୋଇନ୍ଦା ବିଭାଗ ଓ ସ୍ଥାନୀୟ ପୋଲିସର ଏକ ସ୍ୱତନ୍ତ୍ର ଟିମ୍ ମିଳିତ ଭାବେ ଉକ୍ତ ସ୍ଥାନରେ ଚଢ଼ାଉ କରିଥିଲେ। ପୋଲିସକୁ ଦେଖି ଅଭିଯୁକ୍ତମାନେ ଫେରାର ହେବାକୁ ଚେଷ୍ଟା କରିଥିଲେ ମଧ୍ୟ ପୋଲିସ ସେମାନଙ୍କୁ ଘେରି କରିବାରେ ସଫଳ ହୋଇଥିଲା।ବିପୁଳ ସାମଗ୍ରୀ ଜବତ:ଚଢ଼ାଉ ସମୟରେ ଉକ୍ତ କାରଖାନାରୁ ପ୍ରାୟ ୫୦୦ ଲିଟରରୁ ଅଧିକ ସ୍ପିରିଟ୍, ବିଭିନ୍ନ ନାମୀଦାମୀ ବ୍ରାଣ୍ଡର ନକଲି ଲେବଲ୍, ହଜାର ହଜାର ଖାଲି ବୋତଲ, ନକଲି ଠିପି ଏବଂ ମଦ ପ୍ରସ୍ତୁତିରେ ବ୍ୟବହୃତ ରଙ୍ଗ ଓ କେମିକାଲ୍ ଜବତ କରାଯାଇଛି। ଏହା ସହିତ ମଦ ବୋତଲରେ ଭରାଯାଉଥିବା ପ୍ରସ୍ତୁତ ଅବସ୍ଥାରେ ଥିବା ବହୁ ପରିମାଣର ନକଲି ବିଦେଶୀ ମଦ ବୋତଲ ଜବତ କରାଯାଇଛି। ଗ୍ରାମାଞ୍ଚଳ ଓ ସହରାଞ୍ଚଳରେ ଛୋଟ ଛୋଟ ଦୋକାନରେ ବିକ୍ରି ପାଇଁ ଏହି ମଦ ପଠାଯାଉଥିଲା। ପୋଲିସ ମୁଖ୍ୟ କାର୍ଯ୍ୟକର୍ତ୍ତା ସମେତ ୩ ଜଣଙ୍କୁ ଗିରଫ କରିଛି। ସେମାନଙ୍କ ନିକଟରୁ ନଗଦ ଟଙ୍କା ଓ ମୋବାଇଲ୍ ଫୋନ୍ ମଧ୍ୟ ଜବତ ହୋଇଛି। ପ୍ରାଥମିକ ତଦନ୍ତରୁ ଜଣାପଡ଼ିଛି ଯେ, ଏହି ରାକେଟ୍ ଜିଲ୍ଲା ତଥା ଜିଲ୍ଲା ବାହାରକୁ ମଧ୍ୟ ନକଲି ମଦ ସପ୍ଲାଇ କରୁଥିଲା। ଦୃଷ୍ଟିରେ ରଖି ଜିଲ୍ଲାରେ ଚୋରା ମଦ କାରବାର ରୋକିବା ପାଇଁ ଅବକାରୀ ବିଭାଗ ପକ୍ଷରୁ ସ୍ୱତନ୍ତ୍ର ଡ୍ରାଇଭ୍ ଚଳାଯାଉଛି। ନକଲି ମଦ କାରବାର ଉପରେ ଲଗାମ କସିବା ପାଇଁ ଭବିଷ୍ୟତରେ ଏଭଳି କଠୋର କାର୍ଯ୍ୟାନୁଷ୍ଠାନ ଗ୍ରହଣ କରାଯିବ ବୋଲି ବିଭାଗୀୟ ଅଧିକାରୀ ସୂଚନା ଦେଇଛନ୍ତି। ଗିରଫ ଅଭିଯୁକ୍ତଙ୍କୁ ଆଜି କୋର୍ଟ ଚାଲାଣ କରାଯାଇଛି।
